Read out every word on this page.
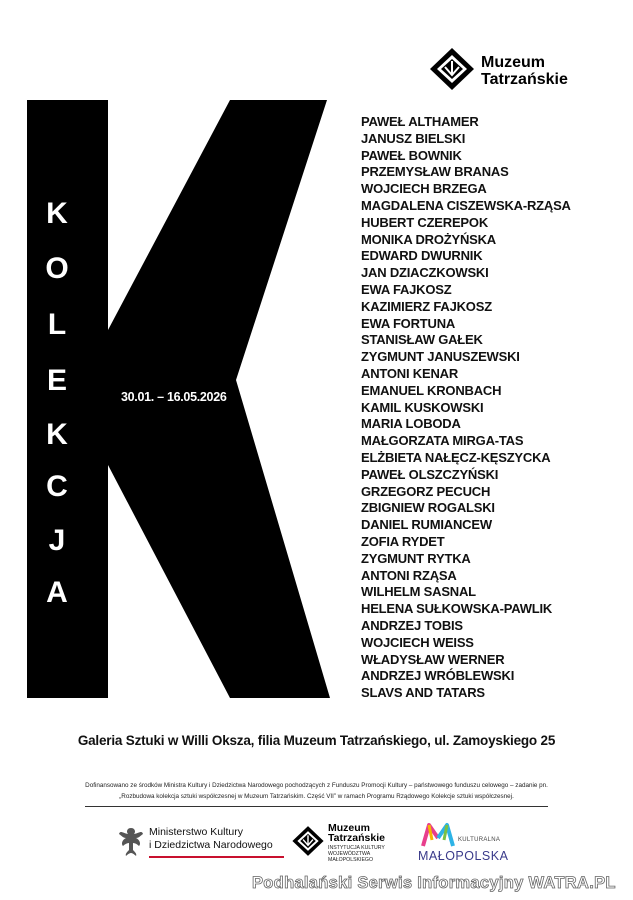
K
O
L
E
K
C
J
A
30.01. – 16.05.2026
Muzeum
Tatrzańskie
PAWEŁ ALTHAMER
JANUSZ BIELSKI
PAWEŁ BOWNIK
PRZEMYSŁAW BRANAS
WOJCIECH BRZEGA
MAGDALENA CISZEWSKA-RZĄSA
HUBERT CZEREPOK
MONIKA DROŻYŃSKA
EDWARD DWURNIK
JAN DZIACZKOWSKI
EWA FAJKOSZ
KAZIMIERZ FAJKOSZ
EWA FORTUNA
STANISŁAW GAŁEK
ZYGMUNT JANUSZEWSKI
ANTONI KENAR
EMANUEL KRONBACH
KAMIL KUSKOWSKI
MARIA LOBODA
MAŁGORZATA MIRGA-TAS
ELŻBIETA NAŁĘCZ-KĘSZYCKA
PAWEŁ OLSZCZYŃSKI
GRZEGORZ PECUCH
ZBIGNIEW ROGALSKI
DANIEL RUMIANCEW
ZOFIA RYDET
ZYGMUNT RYTKA
ANTONI RZĄSA
WILHELM SASNAL
HELENA SUŁKOWSKA-PAWLIK
ANDRZEJ TOBIS
WOJCIECH WEISS
WŁADYSŁAW WERNER
ANDRZEJ WRÓBLEWSKI
SLAVS AND TATARS
Galeria Sztuki w Willi Oksza, filia Muzeum Tatrzańskiego, ul. Zamoyskiego 25
Dofinansowano ze środków Ministra Kultury i Dziedzictwa Narodowego pochodzących z Funduszu Promocji Kultury – państwowego funduszu celowego – zadanie pn.
„Rozbudowa kolekcja sztuki współczesnej w Muzeum Tatrzańskim. Część VII” w ramach Programu Rządowego Kolekcje sztuki współczesnej.
Ministerstwo Kultury
i Dziedzictwa Narodowego
Muzeum
Tatrzańskie
INSTYTUCJA KULTURY
WOJEWÓDZTWA
MAŁOPOLSKIEGO
KULTURALNA
MAŁOPOLSKA
Podhalański Serwis Informacyjny WATRA.PL
